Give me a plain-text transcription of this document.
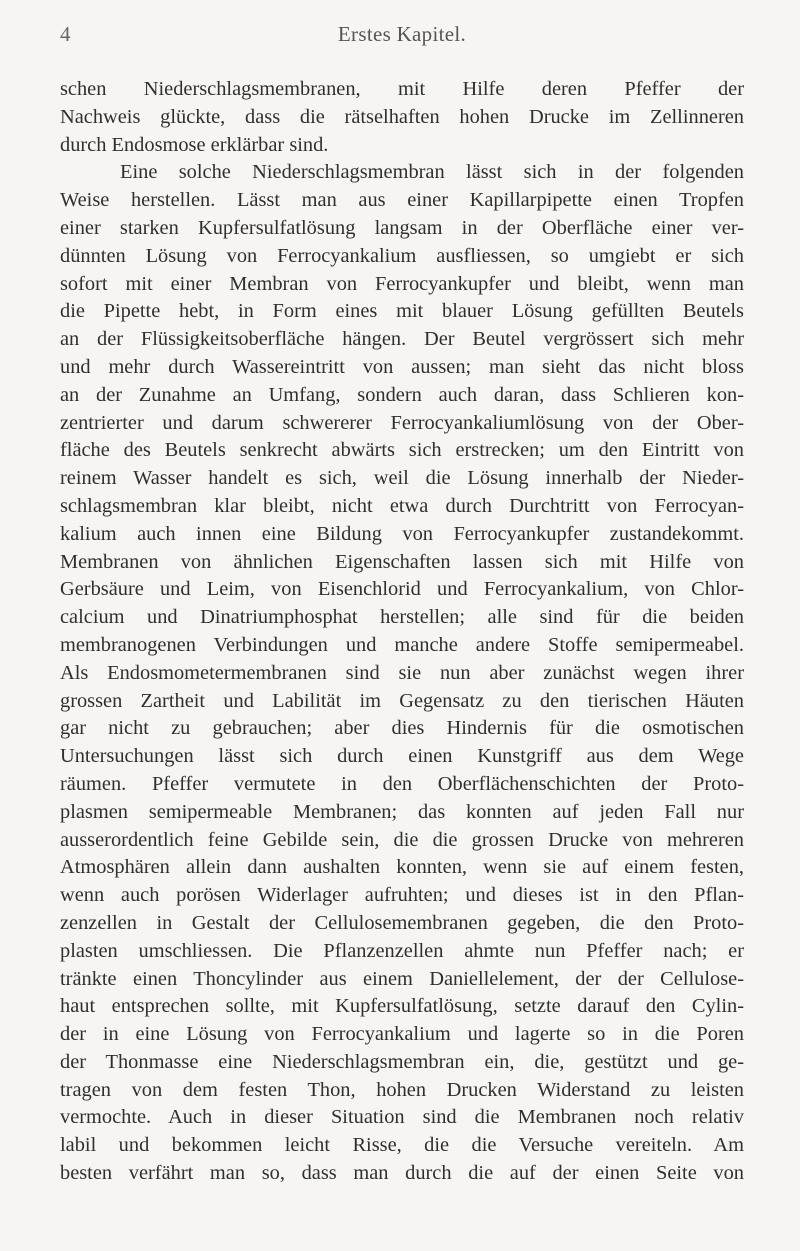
4	Erstes Kapitel.
schen Niederschlagsmembranen, mit Hilfe deren Pfeffer der
Nachweis glückte, dass die rätselhaften hohen Drucke im Zellinneren
durch Endosmose erklärbar sind.
Eine solche Niederschlagsmembran lässt sich in der folgenden
Weise herstellen. Lässt man aus einer Kapillarpipette einen Tropfen
einer starken Kupfersulfatlösung langsam in der Oberfläche einer ver-
dünnten Lösung von Ferrocyankalium ausfliessen, so umgiebt er sich
sofort mit einer Membran von Ferrocyankupfer und bleibt, wenn man
die Pipette hebt, in Form eines mit blauer Lösung gefüllten Beutels
an der Flüssigkeitsoberfläche hängen. Der Beutel vergrössert sich mehr
und mehr durch Wassereintritt von aussen; man sieht das nicht bloss
an der Zunahme an Umfang, sondern auch daran, dass Schlieren kon-
zentrierter und darum schwererer Ferrocyankaliumlösung von der Ober-
fläche des Beutels senkrecht abwärts sich erstrecken; um den Eintritt von
reinem Wasser handelt es sich, weil die Lösung innerhalb der Nieder-
schlagsmembran klar bleibt, nicht etwa durch Durchtritt von Ferrocyan-
kalium auch innen eine Bildung von Ferrocyankupfer zustandekommt.
Membranen von ähnlichen Eigenschaften lassen sich mit Hilfe von
Gerbsäure und Leim, von Eisenchlorid und Ferrocyankalium, von Chlor-
calcium und Dinatriumphosphat herstellen; alle sind für die beiden
membranogenen Verbindungen und manche andere Stoffe semipermeabel.
Als Endosmometermembranen sind sie nun aber zunächst wegen ihrer
grossen Zartheit und Labilität im Gegensatz zu den tierischen Häuten
gar nicht zu gebrauchen; aber dies Hindernis für die osmotischen
Untersuchungen lässt sich durch einen Kunstgriff aus dem Wege
räumen. Pfeffer vermutete in den Oberflächenschichten der Proto-
plasmen semipermeable Membranen; das konnten auf jeden Fall nur
ausserordentlich feine Gebilde sein, die die grossen Drucke von mehreren
Atmosphären allein dann aushalten konnten, wenn sie auf einem festen,
wenn auch porösen Widerlager aufruhten; und dieses ist in den Pflan-
zenzellen in Gestalt der Cellulosemembranen gegeben, die den Proto-
plasten umschliessen. Die Pflanzenzellen ahmte nun Pfeffer nach; er
tränkte einen Thoncylinder aus einem Daniellelement, der der Cellulose-
haut entsprechen sollte, mit Kupfersulfatlösung, setzte darauf den Cylin-
der in eine Lösung von Ferrocyankalium und lagerte so in die Poren
der Thonmasse eine Niederschlagsmembran ein, die, gestützt und ge-
tragen von dem festen Thon, hohen Drucken Widerstand zu leisten
vermochte. Auch in dieser Situation sind die Membranen noch relativ
labil und bekommen leicht Risse, die die Versuche vereiteln. Am
besten verfährt man so, dass man durch die auf der einen Seite von
